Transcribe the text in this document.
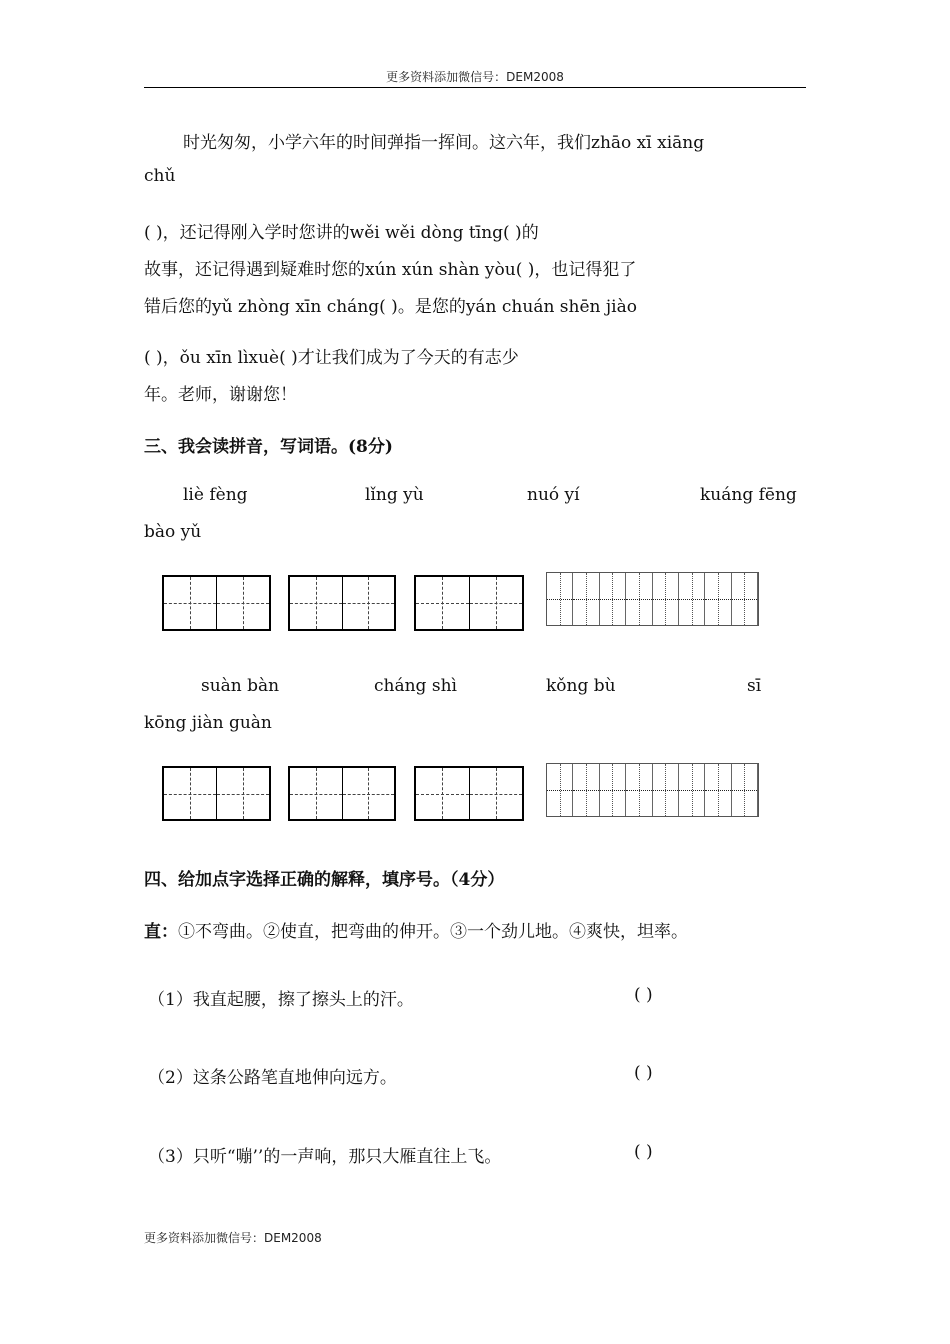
更多资料添加微信号：DEM2008
时光匆匆，小学六年的时间弹指一挥间。这六年，我们zhāo xī xiāng
chǔ
( )，还记得刚入学时您讲的wěi wěi dòng tīng( )的
故事，还记得遇到疑难时您的xún xún shàn yòu( )，也记得犯了
错后您的yǔ zhòng xīn cháng( )。是您的yán chuán shēn jiào
( )，ǒu xīn lìxuè( )才让我们成为了今天的有志少
年。老师，谢谢您！
三、我会读拼音，写词语。(8分)
liè fèng	lǐng yù	nuó yí	kuáng fēng
bào yǔ
suàn bàn	cháng shì	kǒng bù	sī
kōng jiàn guàn
四、给加点字选择正确的解释，填序号。（4分）
直：①不弯曲。②使直，把弯曲的伸开。③一个劲儿地。④爽快，坦率。
（1）我直起腰，擦了擦头上的汗。	( )
（2）这条公路笔直地伸向远方。	( )
（3）只听“嘣’’的一声响，那只大雁直往上飞。	( )
更多资料添加微信号：DEM2008
